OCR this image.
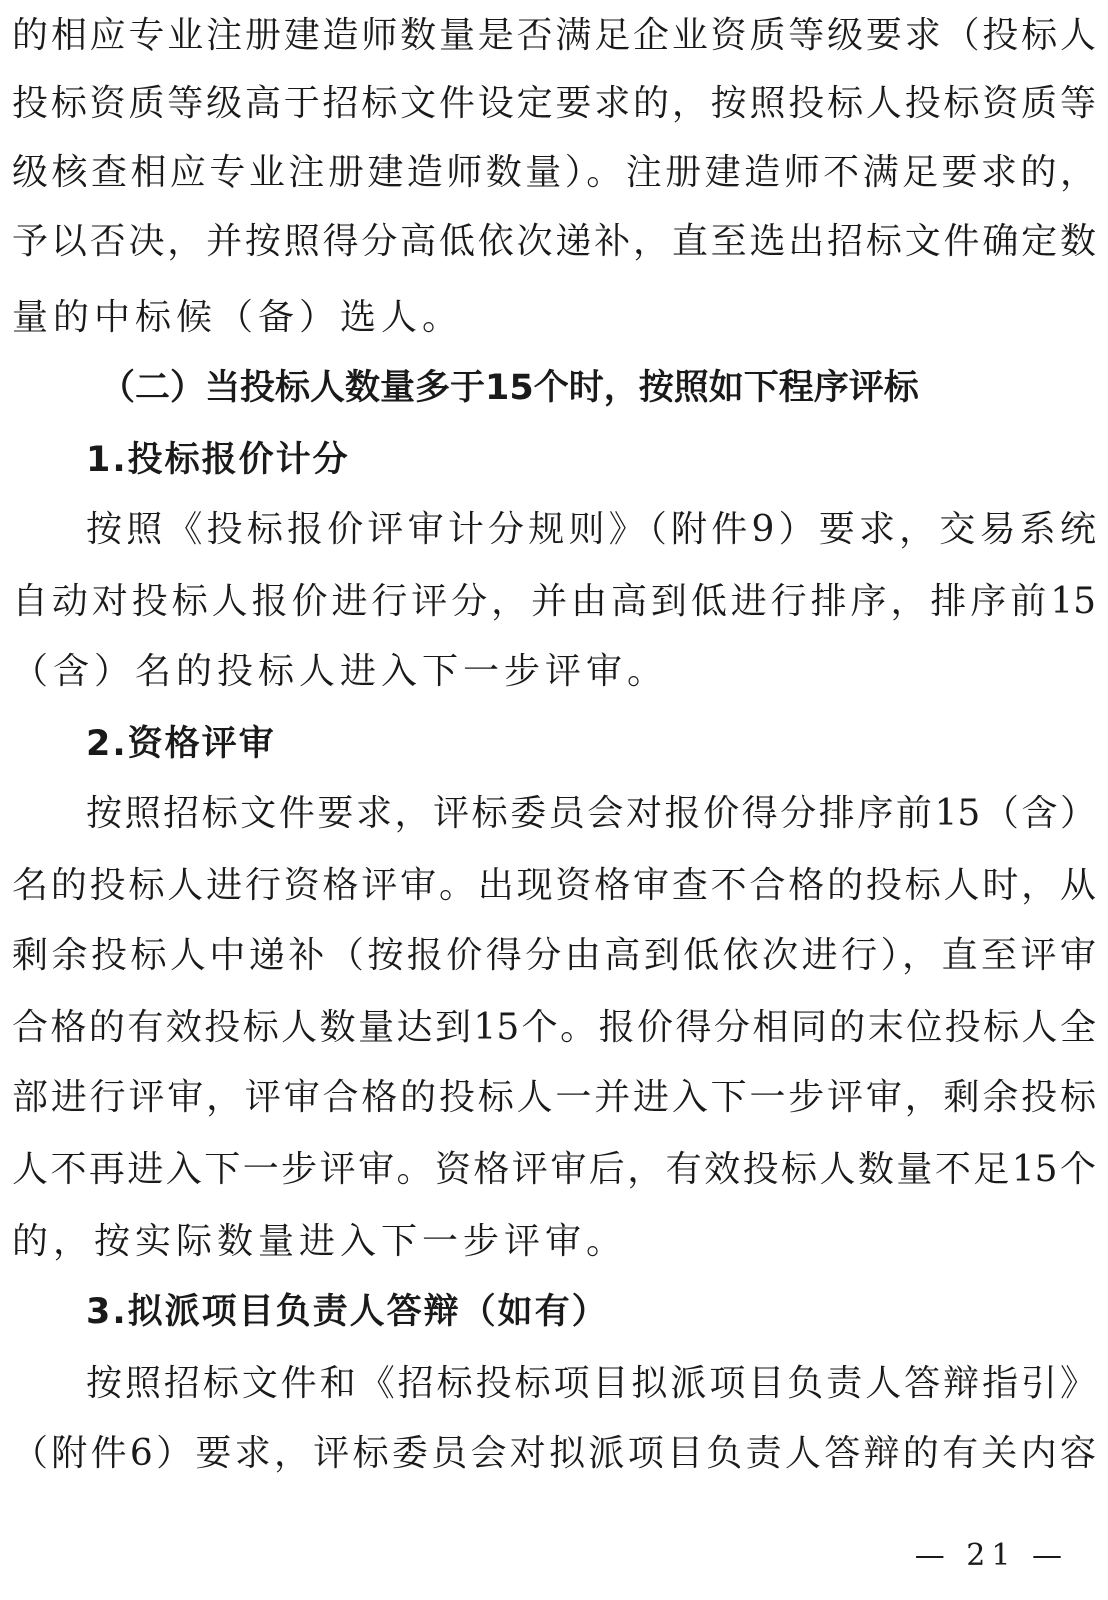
的相应专业注册建造师数量是否满足企业资质等级要求（投标人
投标资质等级高于招标文件设定要求的，按照投标人投标资质等
级核查相应专业注册建造师数量）。注册建造师不满足要求的，
予以否决，并按照得分高低依次递补，直至选出招标文件确定数
量的中标候（备）选人。
（二）当投标人数量多于15个时，按照如下程序评标
1.投标报价计分
按照《投标报价评审计分规则》（附件9）要求，交易系统
自动对投标人报价进行评分，并由高到低进行排序，排序前15
（含）名的投标人进入下一步评审。
2.资格评审
按照招标文件要求，评标委员会对报价得分排序前15（含）
名的投标人进行资格评审。出现资格审查不合格的投标人时，从
剩余投标人中递补（按报价得分由高到低依次进行），直至评审
合格的有效投标人数量达到15个。报价得分相同的末位投标人全
部进行评审，评审合格的投标人一并进入下一步评审，剩余投标
人不再进入下一步评审。资格评审后，有效投标人数量不足15个
的，按实际数量进入下一步评审。
3.拟派项目负责人答辩（如有）
按照招标文件和《招标投标项目拟派项目负责人答辩指引》
（附件6）要求，评标委员会对拟派项目负责人答辩的有关内容
— 21 —
